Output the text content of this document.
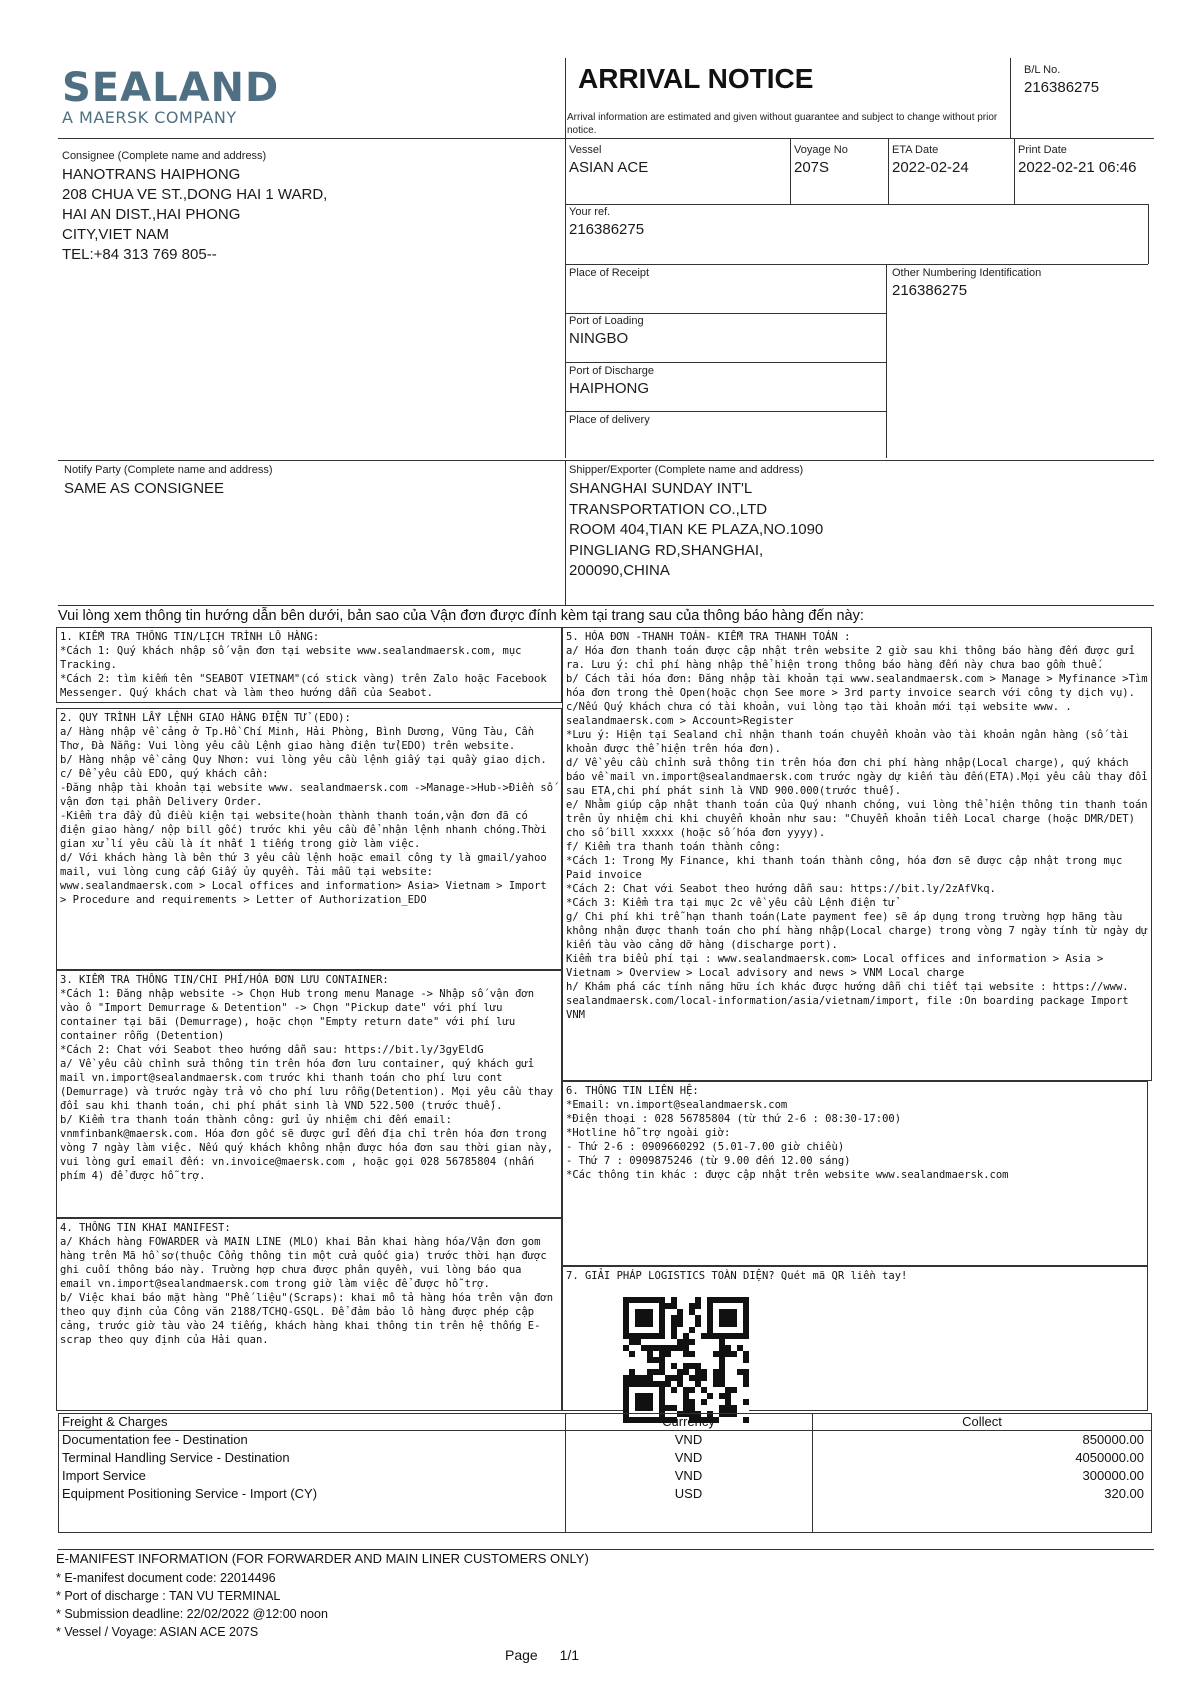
SEALAND
A MAERSK COMPANY
ARRIVAL NOTICE
Arrival information are estimated and given without guarantee and subject to change without prior notice.
B/L No.
216386275
Consignee (Complete name and address)
HANOTRANS HAIPHONG
208 CHUA VE ST.,DONG HAI 1 WARD,
HAI AN DIST.,HAI PHONG
CITY,VIET NAM
TEL:+84 313 769 805--
Vessel
ASIAN ACE
Voyage No
207S
ETA Date
2022-02-24
Print Date
2022-02-21 06:46
Your ref.
216386275
Place of Receipt	Other Numbering Identification
216386275
Port of Loading
NINGBO
Port of Discharge
HAIPHONG
Place of delivery
Notify Party (Complete name and address)
SAME AS CONSIGNEE
Shipper/Exporter (Complete name and address)
SHANGHAI SUNDAY INT'L
TRANSPORTATION CO.,LTD
ROOM 404,TIAN KE PLAZA,NO.1090
PINGLIANG RD,SHANGHAI,
200090,CHINA
Vui lòng xem thông tin hướng dẫn bên dưới, bản sao của Vận đơn được đính kèm tại trang sau của thông báo hàng đến này:
1. KIỂM TRA THÔNG TIN/LỊCH TRÌNH LÔ HÀNG:
*Cách 1: Quý khách nhập số vận đơn tại website www.sealandmaersk.com, mục Tracking.
*Cách 2: tìm kiếm tên "SEABOT VIETNAM"(có stick vàng) trên Zalo hoặc Facebook Messenger. Quý khách chat và làm theo hướng dẫn của Seabot.
2. QUY TRÌNH LẤY LỆNH GIAO HÀNG ĐIỆN TỬ (EDO):
a/ Hàng nhập về cảng ở Tp.Hồ Chí Minh, Hải Phòng, Bình Dương, Vũng Tàu, Cần Thơ, Đà Nẵng: Vui lòng yêu cầu Lệnh giao hàng điện tử(EDO) trên website.
b/ Hàng nhập về cảng Quy Nhơn: vui lòng yêu cầu lệnh giấy tại quầy giao dịch.
c/ Để yêu cầu EDO, quý khách cần:
-Đăng nhập tài khoản tại website www. sealandmaersk.com ->Manage->Hub->Điền số vận đơn tại phần Delivery Order.
-Kiểm tra đầy đủ điều kiện tại website(hoàn thành thanh toán,vận đơn đã có điện giao hàng/ nộp bill gốc) trước khi yêu cầu để nhận lệnh nhanh chóng.Thời gian xử lí yêu cầu là ít nhất 1 tiếng trong giờ làm việc.
d/ Với khách hàng là bên thứ 3 yêu cầu lệnh hoặc email công ty là gmail/yahoo mail, vui lòng cung cấp Giấy ủy quyền. Tải mẫu tại website: www.sealandmaersk.com > Local offices and information> Asia> Vietnam > Import > Procedure and requirements > Letter of Authorization_EDO
3. KIỂM TRA THÔNG TIN/CHI PHÍ/HÓA ĐƠN LƯU CONTAINER:
*Cách 1: Đăng nhập website -> Chọn Hub trong menu Manage -> Nhập số vận đơn vào ô "Import Demurrage & Detention" -> Chọn "Pickup date" với phí lưu container tại bãi (Demurrage), hoặc chọn "Empty return date" với phí lưu container rỗng (Detention)
*Cách 2: Chat với Seabot theo hướng dẫn sau: https://bit.ly/3gyEldG
a/ Về yêu cầu chỉnh sửa thông tin trên hóa đơn lưu container, quý khách gửi mail vn.import@sealandmaersk.com trước khi thanh toán cho phí lưu cont (Demurrage) và trước ngày trả vỏ cho phí lưu rỗng(Detention). Mọi yêu cầu thay đổi sau khi thanh toán, chi phí phát sinh là VND 522.500 (trước thuế).
b/ Kiểm tra thanh toán thành công: gửi ủy nhiệm chi đến email: vnmfinbank@maersk.com. Hóa đơn gốc sẽ được gửi đến địa chỉ trên hóa đơn trong vòng 7 ngày làm việc. Nếu quý khách không nhận được hóa đơn sau thời gian này, vui lòng gửi email đến: vn.invoice@maersk.com , hoặc gọi 028 56785804 (nhấn phím 4) để được hỗ trợ.
4. THÔNG TIN KHAI MANIFEST:
a/ Khách hàng FOWARDER và MAIN LINE (MLO) khai Bản khai hàng hóa/Vận đơn gom hàng trên Mã hồ sơ(thuộc Cổng thông tin một cửa quốc gia) trước thời hạn được ghi cuối thông báo này. Trường hợp chưa được phân quyền, vui lòng báo qua email vn.import@sealandmaersk.com trong giờ làm việc để được hỗ trợ.
b/ Việc khai báo mặt hàng "Phế liệu"(Scraps): khai mô tả hàng hóa trên vận đơn theo quy định của Công văn 2188/TCHQ-GSQL. Để đảm bảo lô hàng được phép cập cảng, trước giờ tàu vào 24 tiếng, khách hàng khai thông tin trên hệ thống E-scrap theo quy định của Hải quan.
5. HÓA ĐƠN -THANH TOÁN- KIỂM TRA THANH TOÁN :
a/ Hóa đơn thanh toán được cập nhật trên website 2 giờ sau khi thông báo hàng đến được gửi ra. Lưu ý: chỉ phí hàng nhập thể hiện trong thông báo hàng đến này chưa bao gồm thuế.
b/ Cách tải hóa đơn: Đăng nhập tài khoản tại www.sealandmaersk.com > Manage > Myfinance >Tìm hóa đơn trong thẻ Open(hoặc chọn See more > 3rd party invoice search với công ty dịch vụ).
c/Nếu Quý khách chưa có tài khoản, vui lòng tạo tài khoản mới tại website www. . sealandmaersk.com > Account>Register
*Lưu ý: Hiện tại Sealand chỉ nhận thanh toán chuyển khoản vào tài khoản ngân hàng (số tài khoản được thể hiện trên hóa đơn).
d/ Về yêu cầu chỉnh sửa thông tin trên hóa đơn chi phí hàng nhập(Local charge), quý khách báo về mail vn.import@sealandmaersk.com trước ngày dự kiến tàu đến(ETA).Mọi yêu cầu thay đổi sau ETA,chi phí phát sinh là VND 900.000(trước thuế).
e/ Nhằm giúp cập nhật thanh toán của Quý nhanh chóng, vui lòng thể hiện thông tin thanh toán trên ủy nhiệm chi khi chuyển khoản như sau: "Chuyển khoản tiền Local charge (hoặc DMR/DET) cho số bill xxxxx (hoặc số hóa đơn yyyy).
f/ Kiểm tra thanh toán thành công:
*Cách 1: Trong My Finance, khi thanh toán thành công, hóa đơn sẽ được cập nhật trong mục Paid invoice
*Cách 2: Chat với Seabot theo hướng dẫn sau: https://bit.ly/2zAfVkq.
*Cách 3: Kiểm tra tại mục 2c về yêu cầu Lệnh điện tử
g/ Chi phí khi trễ hạn thanh toán(Late payment fee) sẽ áp dụng trong trường hợp hãng tàu không nhận được thanh toán cho phí hàng nhập(Local charge) trong vòng 7 ngày tính từ ngày dự kiến tàu vào cảng dỡ hàng (discharge port).
Kiểm tra biểu phí tại : www.sealandmaersk.com> Local offices and information > Asia > Vietnam > Overview > Local advisory and news > VNM Local charge
h/ Khám phá các tính năng hữu ích khác được hướng dẫn chi tiết tại website : https://www. sealandmaersk.com/local-information/asia/vietnam/import, file :On boarding package Import VNM
6. THÔNG TIN LIÊN HỆ:
*Email: vn.import@sealandmaersk.com
*Điện thoại : 028 56785804 (từ thứ 2-6 : 08:30-17:00)
*Hotline hỗ trợ ngoài giờ:
- Thứ 2-6 : 0909660292 (5.01-7.00 giờ chiều)
- Thứ 7 : 0909875246 (từ 9.00 đến 12.00 sáng)
*Các thông tin khác : được cập nhật trên website www.sealandmaersk.com
7. GIẢI PHÁP LOGISTICS TOÀN DIỆN? Quét mã QR liền tay!
Freight & Charges	Currency	Collect
Documentation fee - Destination	VND	850000.00
Terminal Handling Service - Destination	VND	4050000.00
Import Service	VND	300000.00
Equipment Positioning Service - Import (CY)	USD	320.00
E-MANIFEST INFORMATION (FOR FORWARDER AND MAIN LINER CUSTOMERS ONLY)
* E-manifest document code: 22014496
* Port of discharge : TAN VU TERMINAL
* Submission deadline: 22/02/2022 @12:00 noon
* Vessel / Voyage: ASIAN ACE 207S
Page 1/1
